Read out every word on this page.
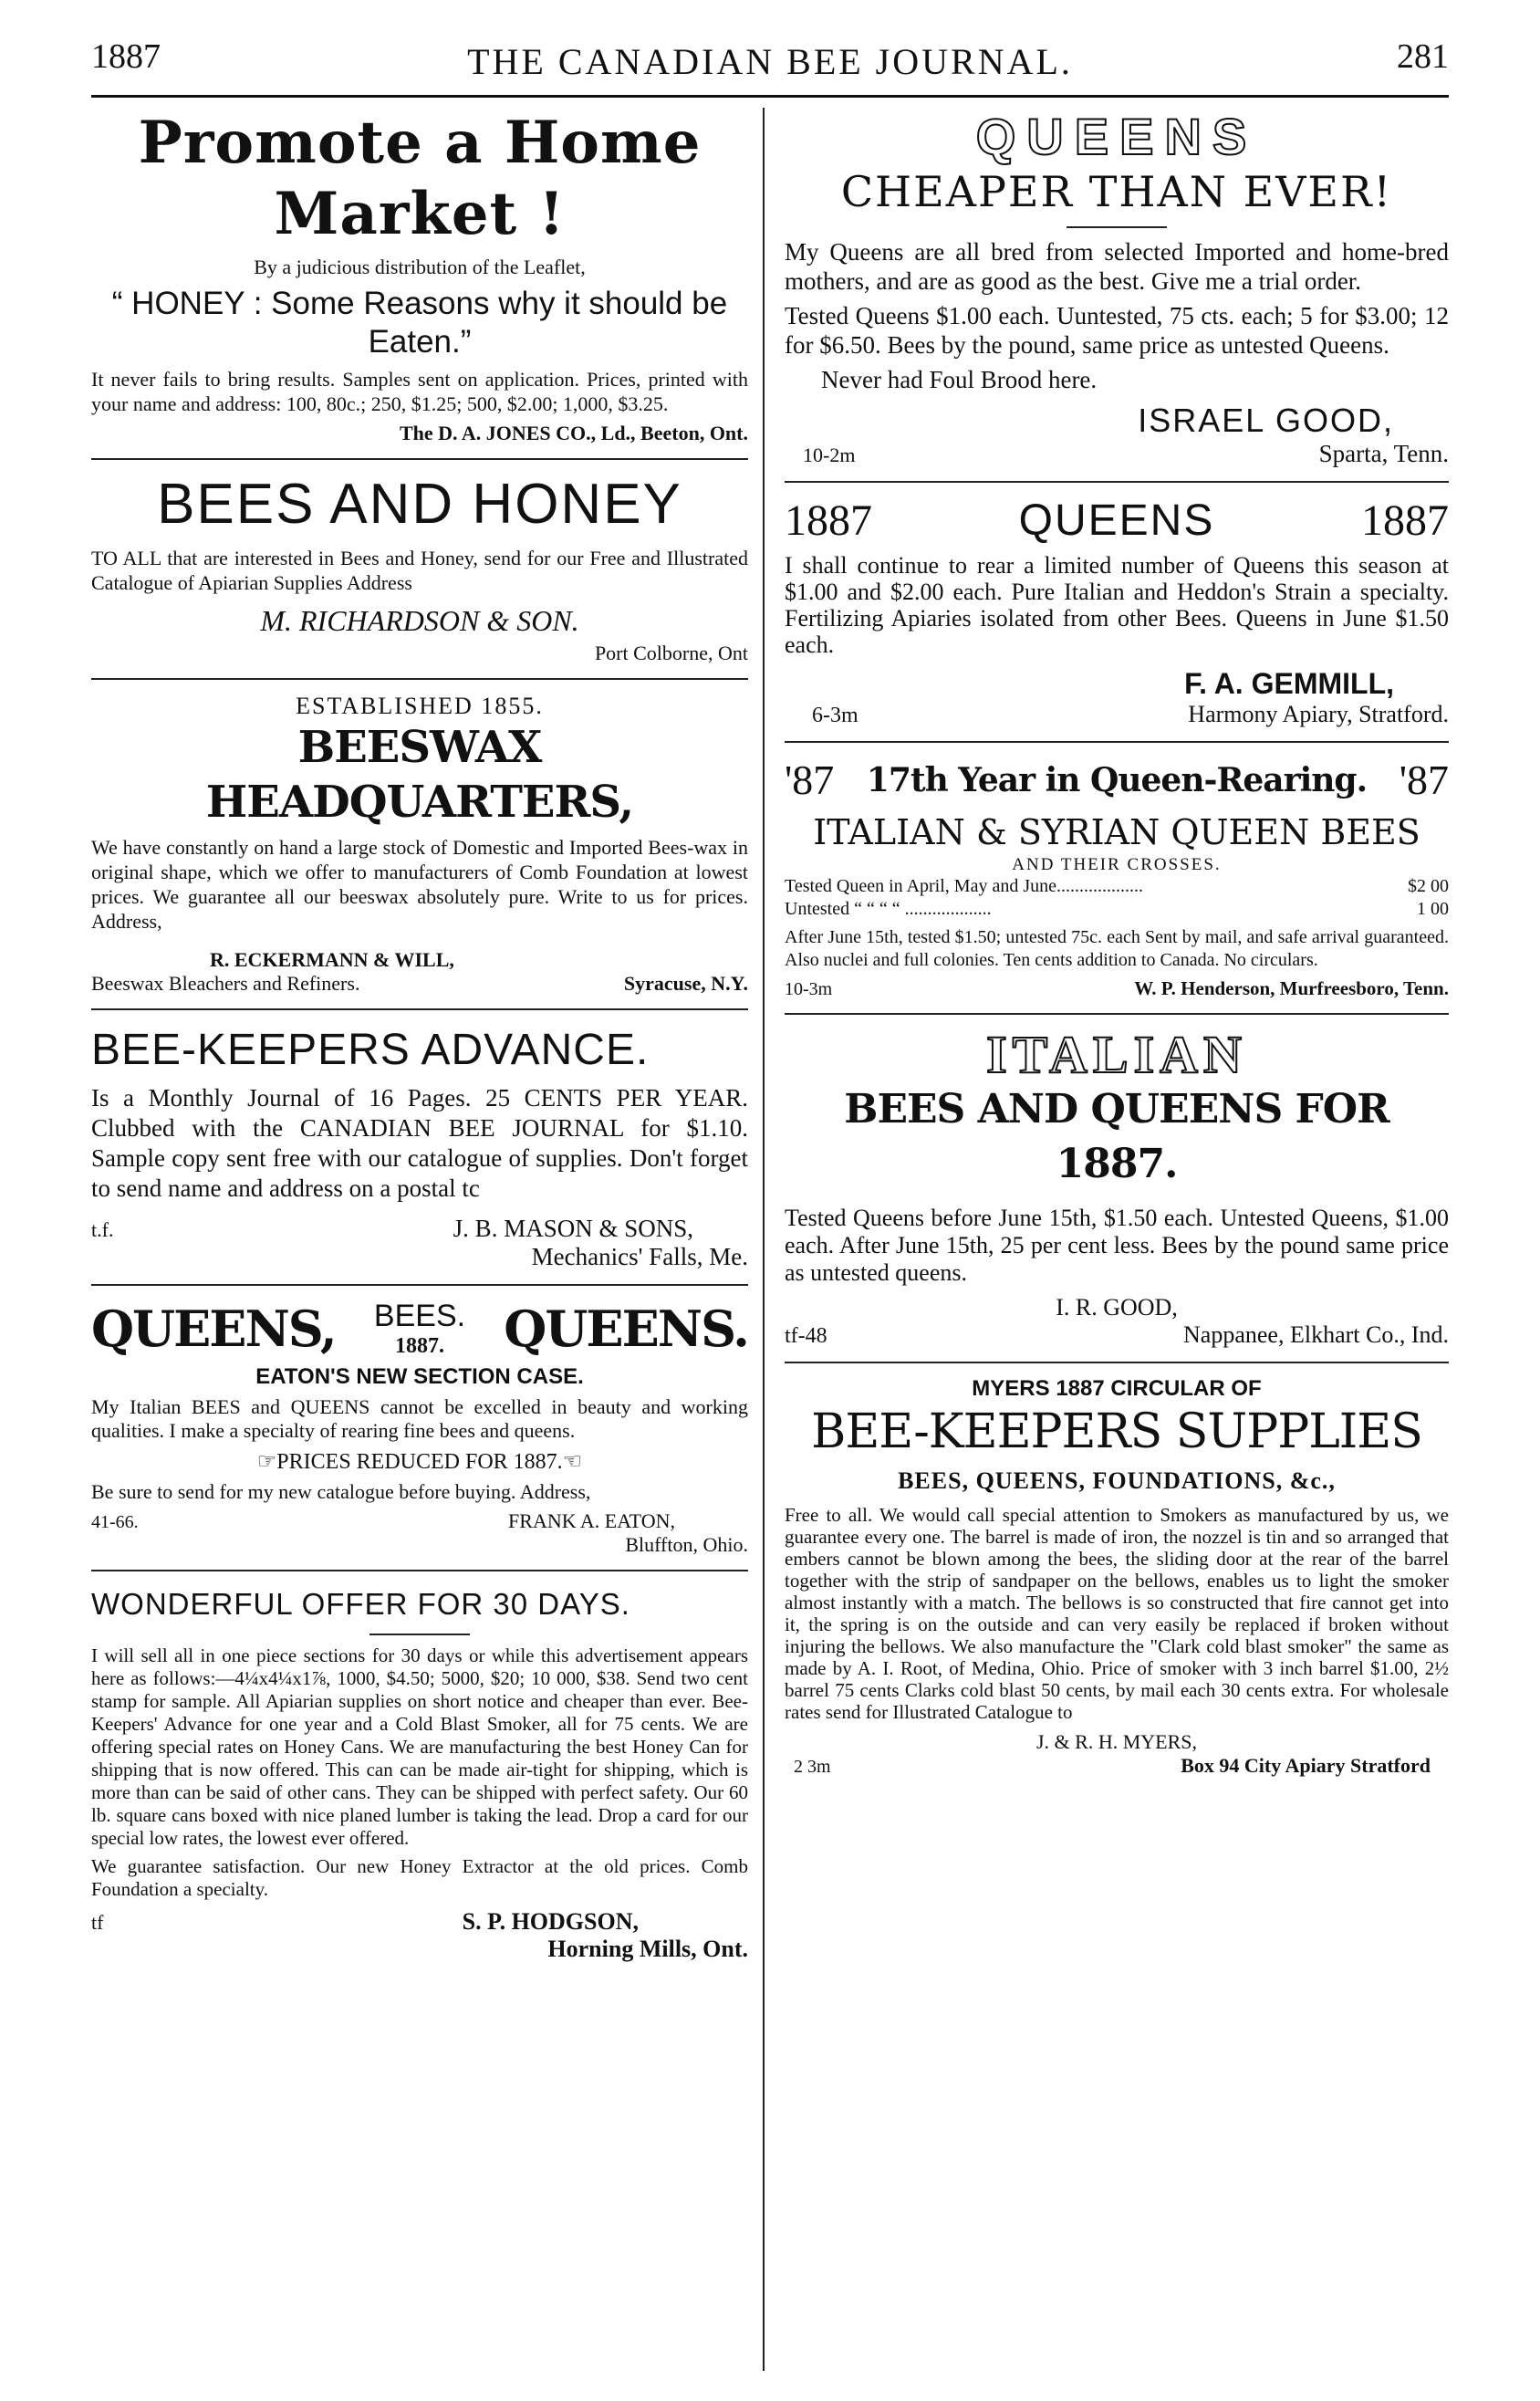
1887	THE CANADIAN BEE JOURNAL.	281
Promote a Home Market !
By a judicious distribution of the Leaflet,
“ HONEY : Some Reasons why it should be Eaten.”
It never fails to bring results. Samples sent on application. Prices, printed with your name and address: 100, 80c.; 250, $1.25; 500, $2.00; 1,000, $3.25.
The D. A. JONES CO., Ld., Beeton, Ont.
BEES AND HONEY
TO ALL that are interested in Bees and Honey, send for our Free and Illustrated Catalogue of Apiarian Supplies Address
M. RICHARDSON & SON.
Port Colborne, Ont
ESTABLISHED 1855.
BEESWAX HEADQUARTERS,
We have constantly on hand a large stock of Domestic and Imported Bees-wax in original shape, which we offer to manufacturers of Comb Foundation at lowest prices. We guarantee all our beeswax absolutely pure. Write to us for prices. Address,
R. ECKERMANN & WILL,
Beeswax Bleachers and Refiners.	Syracuse, N.Y.
BEE-KEEPERS ADVANCE.
Is a Monthly Journal of 16 Pages. 25 CENTS PER YEAR. Clubbed with the CANADIAN BEE JOURNAL for $1.10. Sample copy sent free with our catalogue of supplies. Don't forget to send name and address on a postal tc
t.f.	J. B. MASON & SONS,
Mechanics' Falls, Me.
QUEENS, BEES.
1887.	QUEENS.
EATON'S NEW SECTION CASE.
My Italian BEES and QUEENS cannot be excelled in beauty and working qualities. I make a specialty of rearing fine bees and queens.
☞PRICES REDUCED FOR 1887.☜
Be sure to send for my new catalogue before buying. Address,
41-66.	FRANK A. EATON,
Bluffton, Ohio.
WONDERFUL OFFER FOR 30 DAYS.
I will sell all in one piece sections for 30 days or while this advertisement appears here as follows:—4¼x4¼x1⅞, 1000, $4.50; 5000, $20; 10 000, $38. Send two cent stamp for sample. All Apiarian supplies on short notice and cheaper than ever. Bee-Keepers' Advance for one year and a Cold Blast Smoker, all for 75 cents. We are offering special rates on Honey Cans. We are manufacturing the best Honey Can for shipping that is now offered. This can can be made air-tight for shipping, which is more than can be said of other cans. They can be shipped with perfect safety. Our 60 lb. square cans boxed with nice planed lumber is taking the lead. Drop a card for our special low rates, the lowest ever offered.
We guarantee satisfaction. Our new Honey Extractor at the old prices. Comb Foundation a specialty.
tf	S. P. HODGSON,
Horning Mills, Ont.
QUEENS
CHEAPER THAN EVER!
My Queens are all bred from selected Imported and home-bred mothers, and are as good as the best. Give me a trial order.
Tested Queens $1.00 each. Uuntested, 75 cts. each; 5 for $3.00; 12 for $6.50. Bees by the pound, same price as untested Queens.
Never had Foul Brood here.
ISRAEL GOOD,
10-2m	Sparta, Tenn.
1887	QUEENS	1887
I shall continue to rear a limited number of Queens this season at $1.00 and $2.00 each. Pure Italian and Heddon's Strain a specialty. Fertilizing Apiaries isolated from other Bees. Queens in June $1.50 each.
F. A. GEMMILL,
6-3m	Harmony Apiary, Stratford.
'87 17th Year in Queen-Rearing. '87
ITALIAN & SYRIAN QUEEN BEES
AND THEIR CROSSES.
Tested Queen in April, May and June...................	$2 00
Untested “ “ “ “ ...................	1 00
After June 15th, tested $1.50; untested 75c. each Sent by mail, and safe arrival guaranteed. Also nuclei and full colonies. Ten cents addition to Canada. No circulars.
10-3m	W. P. Henderson, Murfreesboro, Tenn.
ITALIAN
BEES AND QUEENS FOR 1887.
Tested Queens before June 15th, $1.50 each. Untested Queens, $1.00 each. After June 15th, 25 per cent less. Bees by the pound same price as untested queens.
I. R. GOOD,
tf-48	Nappanee, Elkhart Co., Ind.
MYERS 1887 CIRCULAR OF
BEE-KEEPERS SUPPLIES
BEES, QUEENS, FOUNDATIONS, &c.,
Free to all. We would call special attention to Smokers as manufactured by us, we guarantee every one. The barrel is made of iron, the nozzel is tin and so arranged that embers cannot be blown among the bees, the sliding door at the rear of the barrel together with the strip of sandpaper on the bellows, enables us to light the smoker almost instantly with a match. The bellows is so constructed that fire cannot get into it, the spring is on the outside and can very easily be replaced if broken without injuring the bellows. We also manufacture the "Clark cold blast smoker" the same as made by A. I. Root, of Medina, Ohio. Price of smoker with 3 inch barrel $1.00, 2½ barrel 75 cents Clarks cold blast 50 cents, by mail each 30 cents extra. For wholesale rates send for Illustrated Catalogue to
J. & R. H. MYERS,
2 3m	Box 94 City Apiary Stratford
